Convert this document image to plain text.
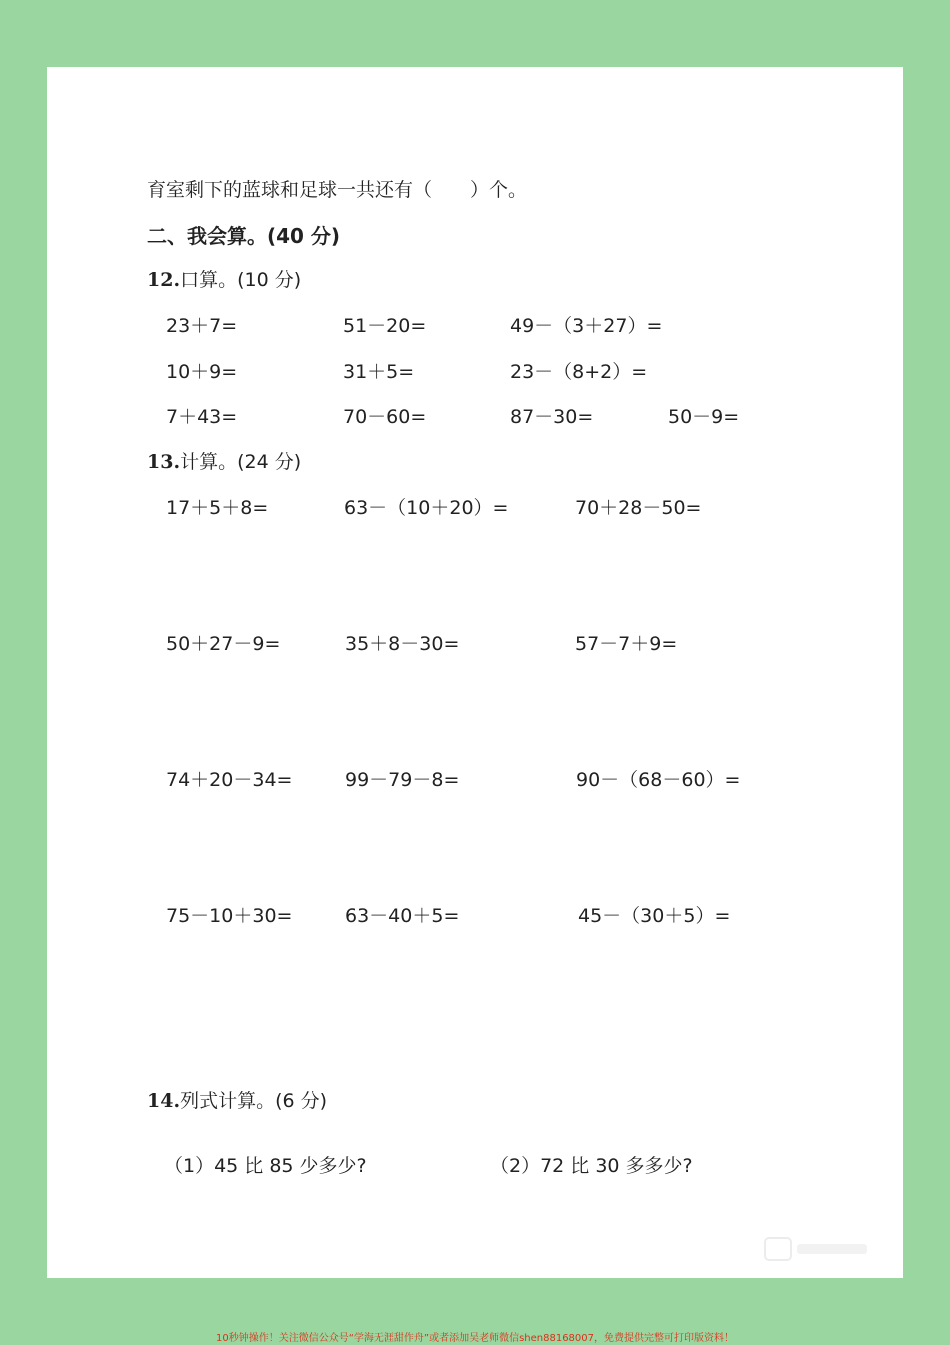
育室剩下的蓝球和足球一共还有（　　）个。
二、我会算。(40 分)
12.口算。(10 分)
23＋7=	51－20=	49－（3＋27）=
10＋9=	31＋5=	23－（8+2）=
7＋43=	70－60=	87－30=	50－9=
13.计算。(24 分)
17＋5＋8=	63－（10＋20）=	70＋28－50=
50＋27－9=	35＋8－30=	57－7＋9=
74＋20－34=	99－79－8=	90－（68－60）=
75－10＋30=	63－40＋5=	45－（30＋5）=
14.列式计算。(6 分)
（1）45 比 85 少多少?	（2）72 比 30 多多少?
10秒钟操作！关注微信公众号“学海无涯甜作舟”或者添加吴老师微信shen88168007，免费提供完整可打印版资料！
